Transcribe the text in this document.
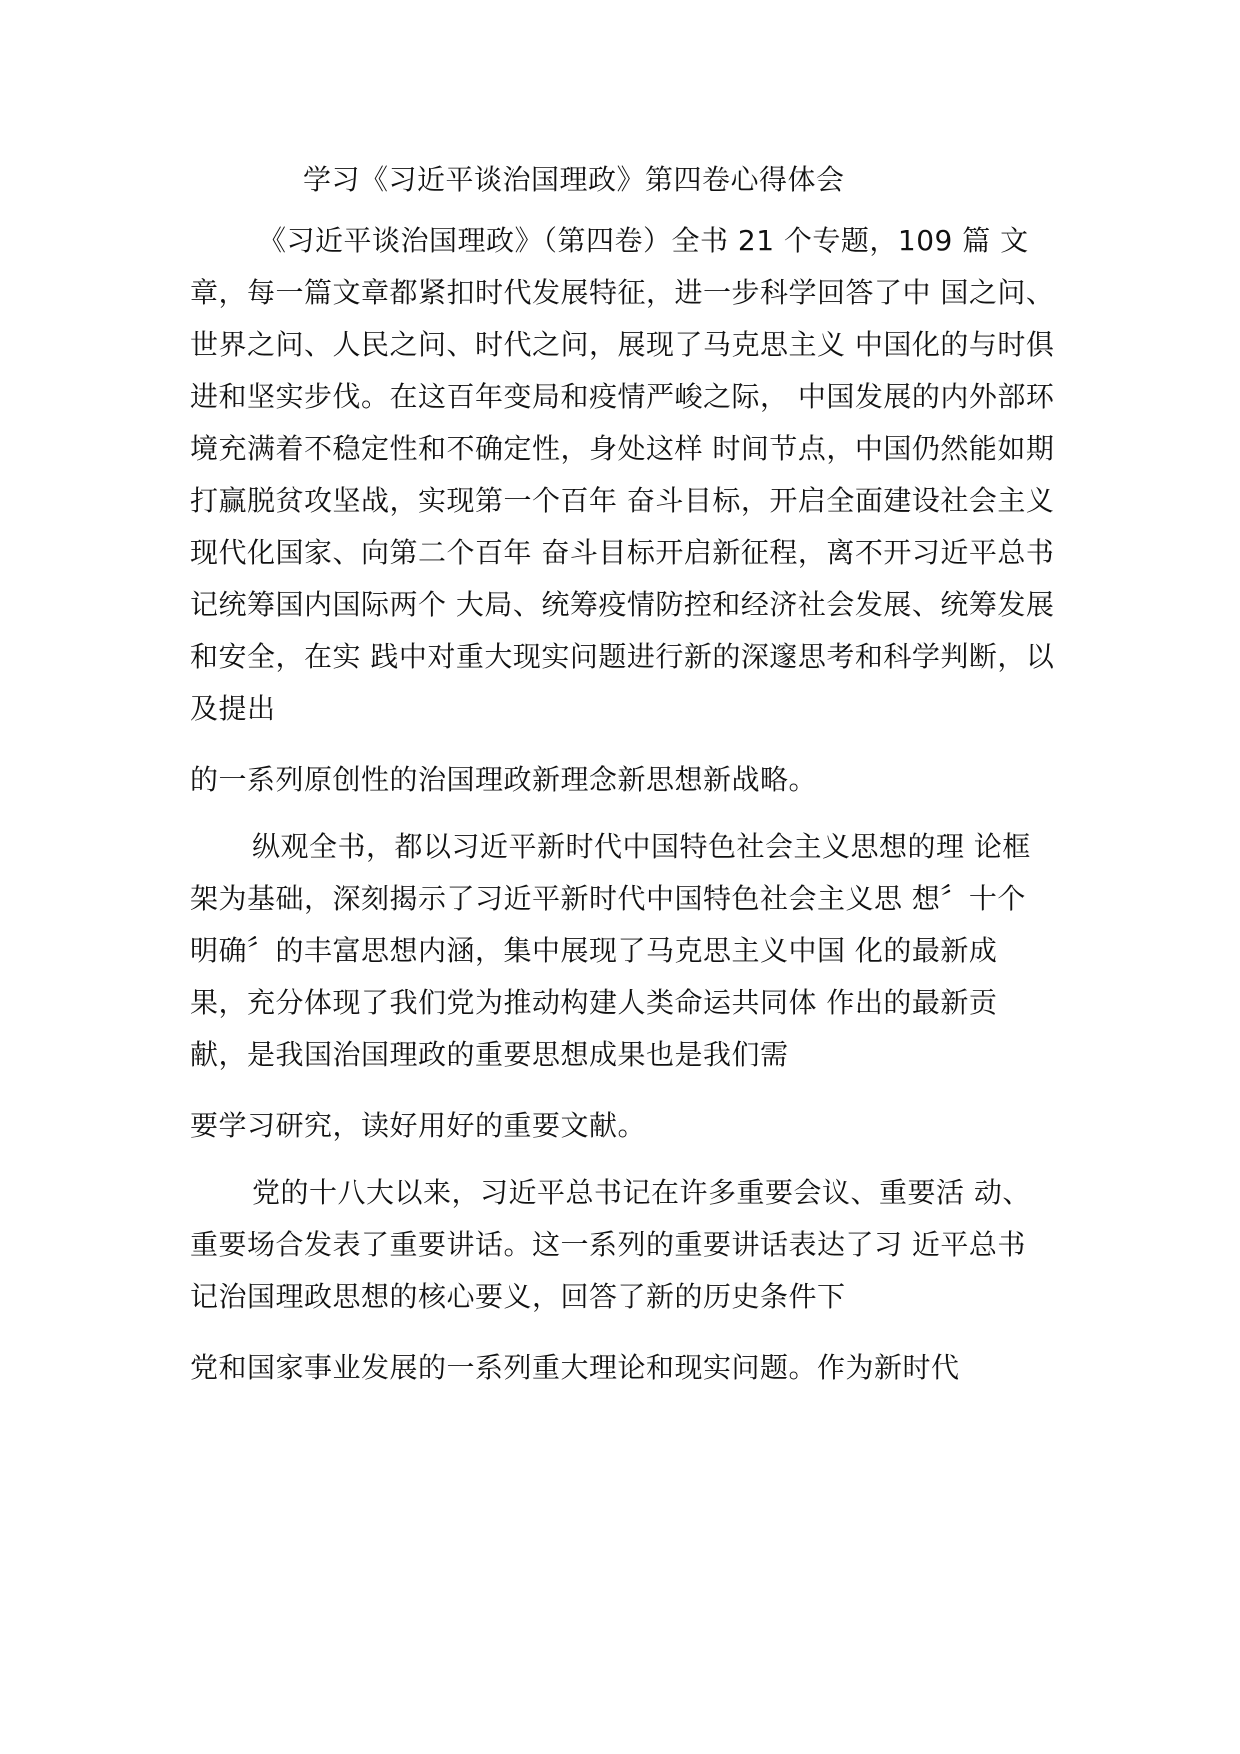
学习《习近平谈治国理政》第四卷心得体会
《习近平谈治国理政》（第四卷）全书 21 个专题，109 篇 文
章，每一篇文章都紧扣时代发展特征，进一步科学回答了中 国之问、
世界之问、人民之问、时代之问，展现了马克思主义 中国化的与时俱
进和坚实步伐。在这百年变局和疫情严峻之际， 中国发展的内外部环
境充满着不稳定性和不确定性，身处这样 时间节点，中国仍然能如期
打赢脱贫攻坚战，实现第一个百年 奋斗目标，开启全面建设社会主义
现代化国家、向第二个百年 奋斗目标开启新征程，离不开习近平总书
记统筹国内国际两个 大局、统筹疫情防控和经济社会发展、统筹发展
和安全，在实 践中对重大现实问题进行新的深邃思考和科学判断，以
及提出
的一系列原创性的治国理政新理念新思想新战略。
纵观全书，都以习近平新时代中国特色社会主义思想的理 论框
架为基础，深刻揭示了习近平新时代中国特色社会主义思 想〞十个
明确〞的丰富思想内涵，集中展现了马克思主义中国 化的最新成
果，充分体现了我们党为推动构建人类命运共同体 作出的最新贡
献，是我国治国理政的重要思想成果也是我们需
要学习研究，读好用好的重要文献。
党的十八大以来，习近平总书记在许多重要会议、重要活 动、
重要场合发表了重要讲话。这一系列的重要讲话表达了习 近平总书
记治国理政思想的核心要义，回答了新的历史条件下
党和国家事业发展的一系列重大理论和现实问题。作为新时代
